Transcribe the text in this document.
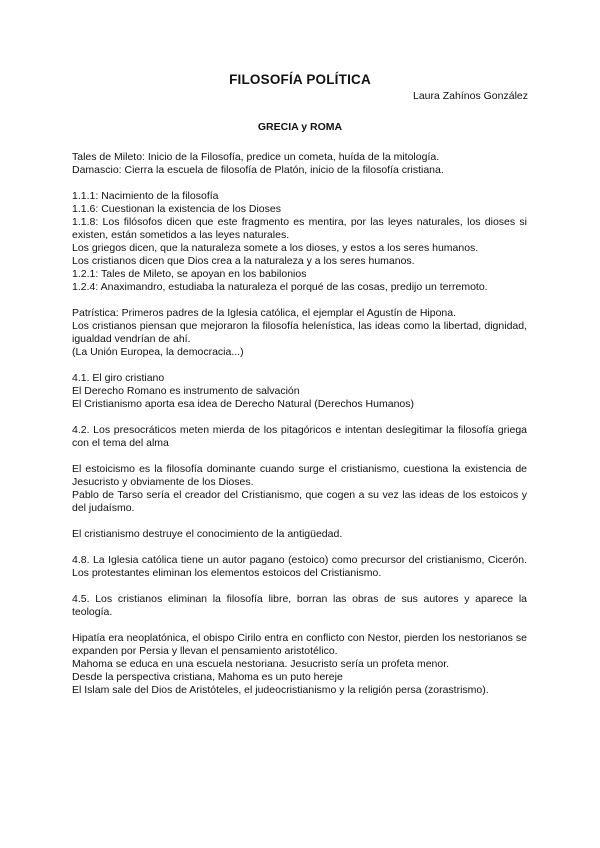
FILOSOFÍA POLÍTICA
Laura Zahínos González
GRECIA y ROMA

Tales de Mileto: Inicio de la Filosofía, predice un cometa, huída de la mitología.
Damascio: Cierra la escuela de filosofía de Platón, inicio de la filosofía cristiana.

1.1.1: Nacimiento de la filosofía
1.1.6: Cuestionan la existencia de los Dioses
1.1.8: Los filósofos dicen que este fragmento es mentira, por las leyes naturales, los dioses si existen, están sometidos a las leyes naturales.
Los griegos dicen, que la naturaleza somete a los dioses, y estos a los seres humanos.
Los cristianos dicen que Dios crea a la naturaleza y a los seres humanos.
1.2.1: Tales de Mileto, se apoyan en los babilonios
1.2.4: Anaximandro, estudiaba la naturaleza el porqué de las cosas, predijo un terremoto.

Patrística: Primeros padres de la Iglesia católica, el ejemplar el Agustín de Hipona.
Los cristianos piensan que mejoraron la filosofía helenística, las ideas como la libertad, dignidad, igualdad vendrían de ahí.
(La Unión Europea, la democracia...)

4.1. El giro cristiano
El Derecho Romano es instrumento de salvación
El Cristianismo aporta esa idea de Derecho Natural (Derechos Humanos)

4.2. Los presocráticos meten mierda de los pitagóricos e intentan deslegitimar la filosofía griega con el tema del alma

El estoicismo es la filosofía dominante cuando surge el cristianismo, cuestiona la existencia de Jesucristo y obviamente de los Dioses.
Pablo de Tarso sería el creador del Cristianismo, que cogen a su vez las ideas de los estoicos y del judaísmo.

El cristianismo destruye el conocimiento de la antigüedad.

4.8. La Iglesia católica tiene un autor pagano (estoico) como precursor del cristianismo, Cicerón. Los protestantes eliminan los elementos estoicos del Cristianismo.

4.5. Los cristianos eliminan la filosofía libre, borran las obras de sus autores y aparece la teología.

Hipatía era neoplatónica, el obispo Cirilo entra en conflicto con Nestor, pierden los nestorianos se expanden por Persia y llevan el pensamiento aristotélico.
Mahoma se educa en una escuela nestoriana. Jesucristo sería un profeta menor.
Desde la perspectiva cristiana, Mahoma es un puto hereje
El Islam sale del Dios de Aristóteles, el judeocristianismo y la religión persa (zorastrismo).
